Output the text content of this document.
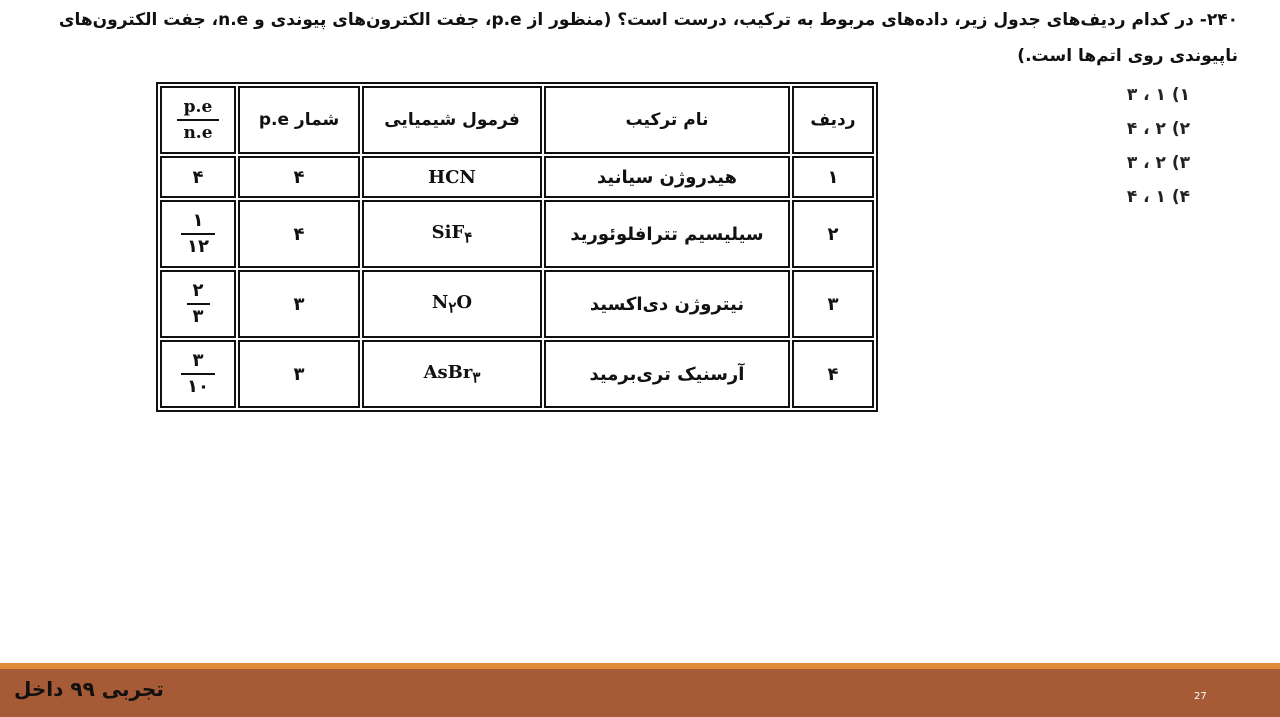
۲۴۰- در کدام ردیف‌های جدول زیر، داده‌های مربوط به ترکیب، درست است؟ (منظور از p.e، جفت الکترون‌های پیوندی و n.e، جفت الکترون‌های ناپیوندی روی اتم‌ها است.)

ردیف	نام ترکیب	فرمول شیمیایی	شمار p.e	$\frac{p.e}{n.e}$

۱	هیدروژن سیانید	HCN	۴	۴
۲	سیلیسیم تترافلوئورید	SiF$_۴$	۴	$\frac{۱}{۱۲}$

۳	نیتروژن دی‌اکسید	$N_۲O$	۳	$\frac{۲}{۳}$

۴	آرسنیک تری‌برمید	AsBr$_۳$	۳	$\frac{۳}{۱۰}$
۱) ۱ ، ۳
۲) ۲ ، ۴
۳) ۲ ، ۳
۴) ۱ ، ۴
تجربی ۹۹ داخل	27
